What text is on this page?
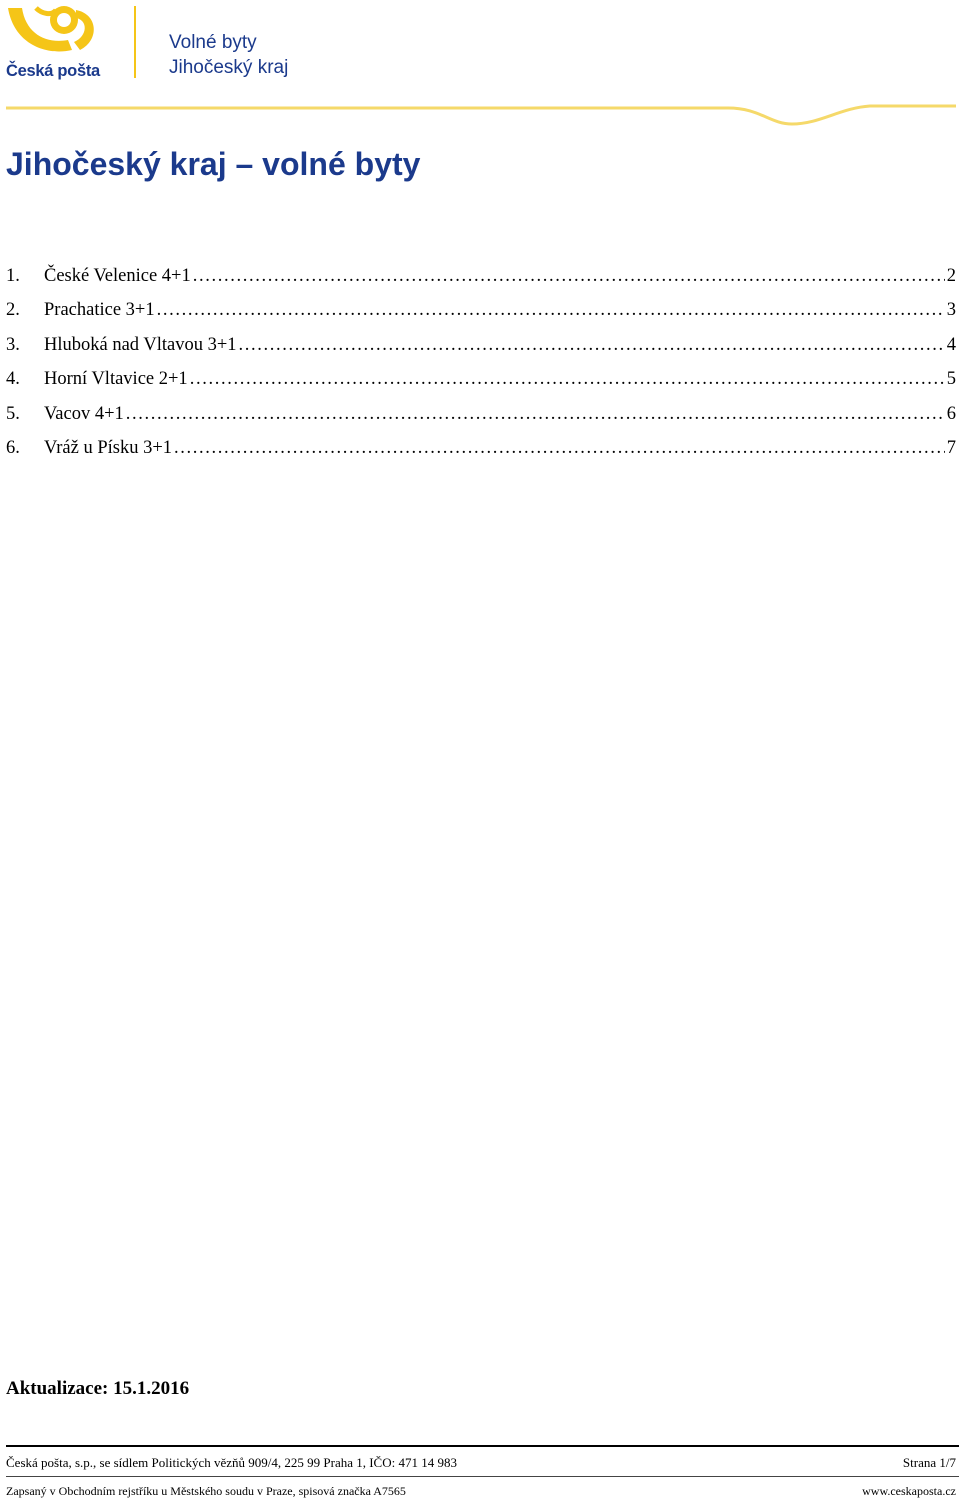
Česká pošta
Volné byty
Jihočeský kraj
Jihočeský kraj – volné byty
1.	České Velenice 4+1 . . .	2
2.	Prachatice 3+1 . . .	3
3.	Hluboká nad Vltavou 3+1 . . .	4
4.	Horní Vltavice 2+1 . . .	5
5.	Vacov 4+1 . . .	6
6.	Vráž u Písku 3+1 . . .	7
Aktualizace: 15.1.2016
Česká pošta, s.p., se sídlem Politických vězňů 909/4, 225 99 Praha 1, IČO: 471 14 983	Strana 1/7
Zapsaný v Obchodním rejstříku u Městského soudu v Praze, spisová značka A7565	www.ceskaposta.cz
